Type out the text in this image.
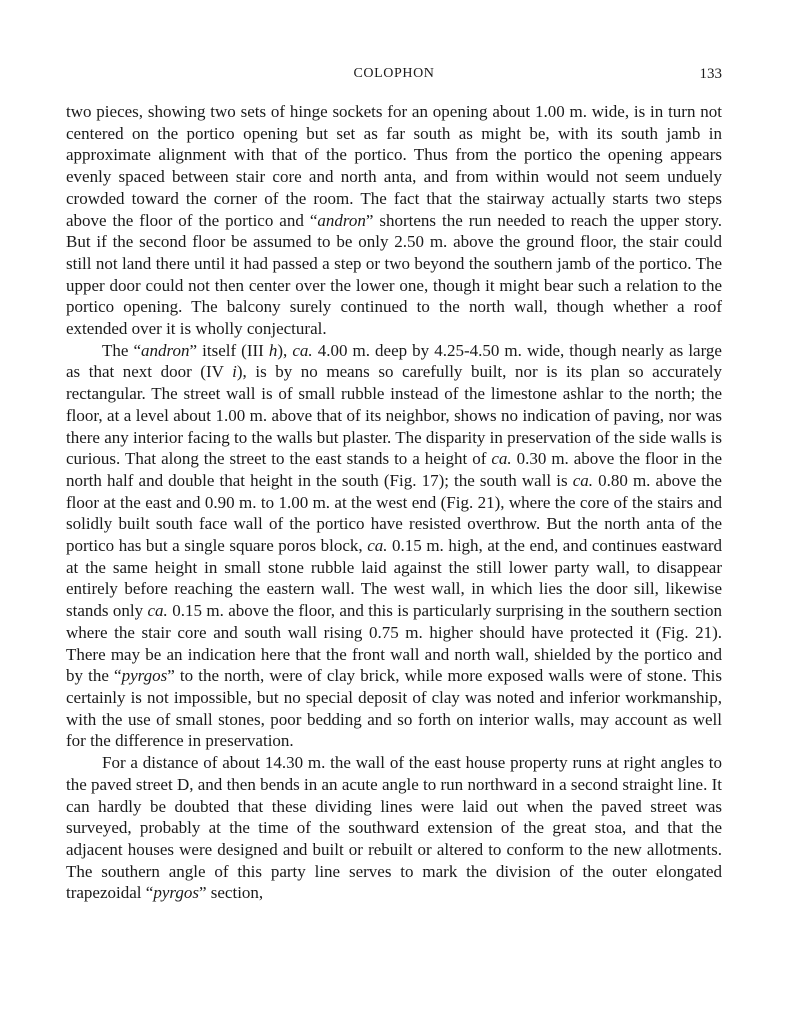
COLOPHON	133

two pieces, showing two sets of hinge sockets for an opening about 1.00 m. wide, is in turn not centered on the portico opening but set as far south as might be, with its south jamb in approximate alignment with that of the portico. Thus from the portico the opening appears evenly spaced between stair core and north anta, and from within would not seem unduely crowded toward the corner of the room. The fact that the stairway actually starts two steps above the floor of the portico and “andron” shortens the run needed to reach the upper story. But if the second floor be assumed to be only 2.50 m. above the ground floor, the stair could still not land there until it had passed a step or two beyond the southern jamb of the portico. The upper door could not then center over the lower one, though it might bear such a relation to the portico opening. The balcony surely continued to the north wall, though whether a roof extended over it is wholly conjectural.

The “andron” itself (III h), ca. 4.00 m. deep by 4.25-4.50 m. wide, though nearly as large as that next door (IV i), is by no means so carefully built, nor is its plan so accurately rectangular. The street wall is of small rubble instead of the limestone ashlar to the north; the floor, at a level about 1.00 m. above that of its neighbor, shows no indication of paving, nor was there any interior facing to the walls but plaster. The disparity in preservation of the side walls is curious. That along the street to the east stands to a height of ca. 0.30 m. above the floor in the north half and double that height in the south (Fig. 17); the south wall is ca. 0.80 m. above the floor at the east and 0.90 m. to 1.00 m. at the west end (Fig. 21), where the core of the stairs and solidly built south face wall of the portico have resisted overthrow. But the north anta of the portico has but a single square poros block, ca. 0.15 m. high, at the end, and continues eastward at the same height in small stone rubble laid against the still lower party wall, to disappear entirely before reaching the eastern wall. The west wall, in which lies the door sill, likewise stands only ca. 0.15 m. above the floor, and this is particularly surprising in the southern section where the stair core and south wall rising 0.75 m. higher should have protected it (Fig. 21). There may be an indication here that the front wall and north wall, shielded by the portico and by the “pyrgos” to the north, were of clay brick, while more exposed walls were of stone. This certainly is not impossible, but no special deposit of clay was noted and inferior workmanship, with the use of small stones, poor bedding and so forth on interior walls, may account as well for the difference in preservation.

For a distance of about 14.30 m. the wall of the east house property runs at right angles to the paved street D, and then bends in an acute angle to run northward in a second straight line. It can hardly be doubted that these dividing lines were laid out when the paved street was surveyed, probably at the time of the southward extension of the great stoa, and that the adjacent houses were designed and built or rebuilt or altered to conform to the new allotments. The southern angle of this party line serves to mark the division of the outer elongated trapezoidal “pyrgos” section,
